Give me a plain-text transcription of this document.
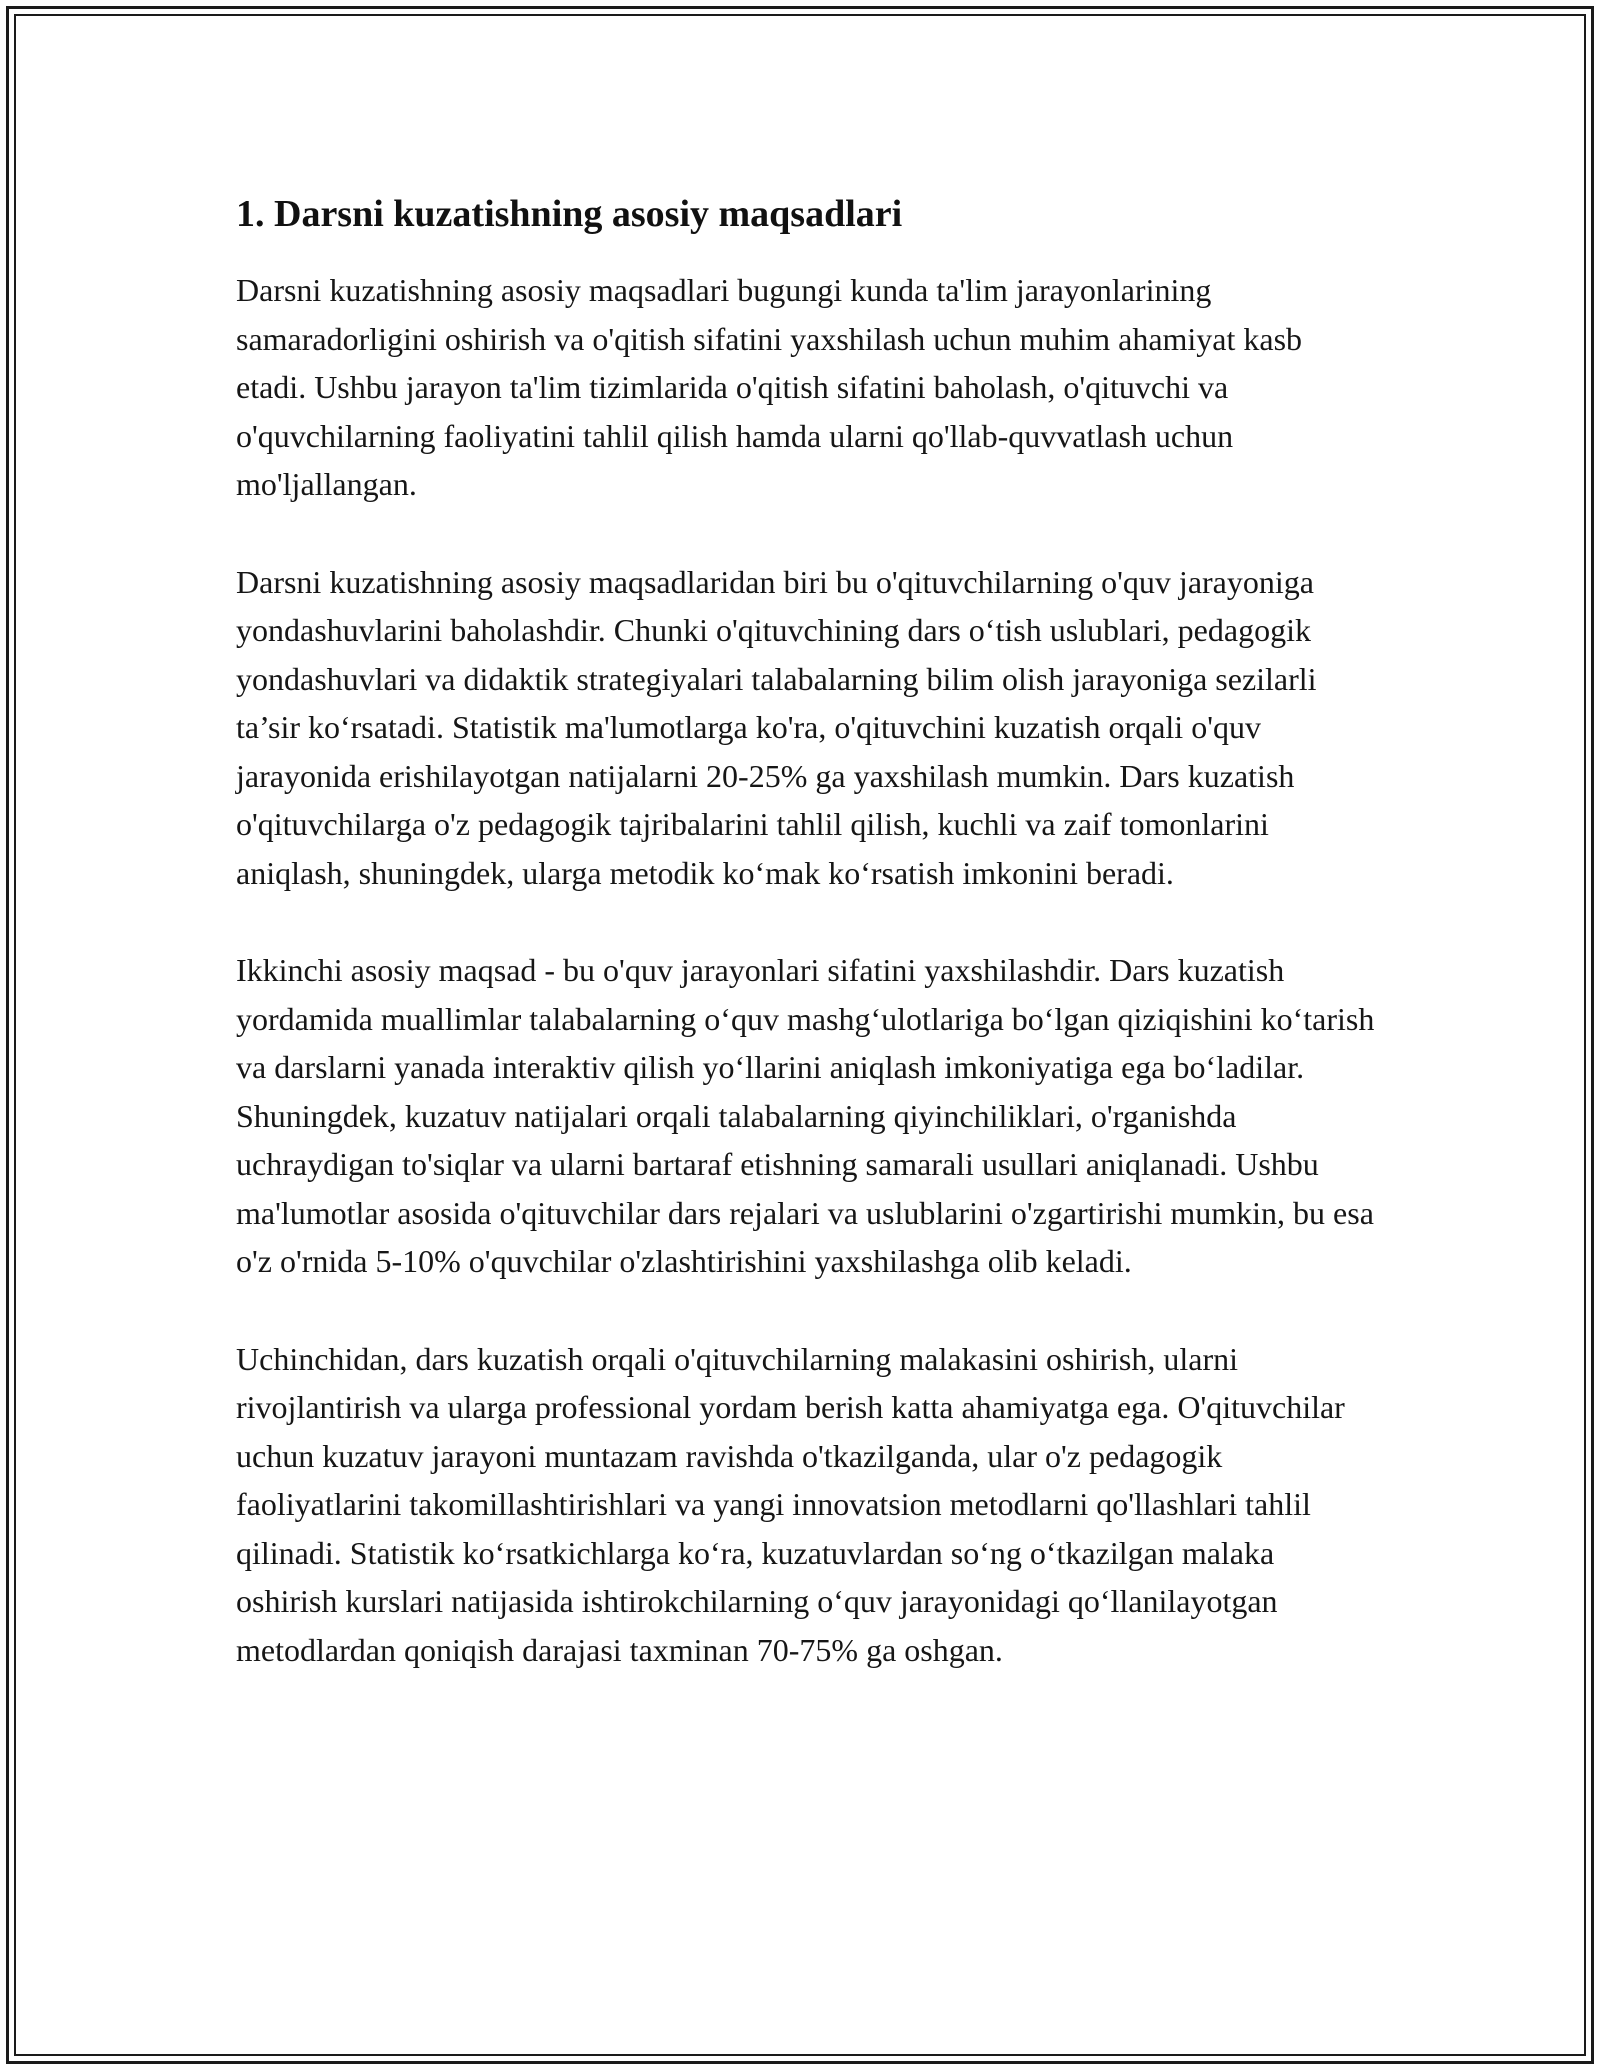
1. Darsni kuzatishning asosiy maqsadlari

Darsni kuzatishning asosiy maqsadlari bugungi kunda ta'lim jarayonlarining samaradorligini oshirish va o'qitish sifatini yaxshilash uchun muhim ahamiyat kasb etadi. Ushbu jarayon ta'lim tizimlarida o'qitish sifatini baholash, o'qituvchi va o'quvchilarning faoliyatini tahlil qilish hamda ularni qo'llab-quvvatlash uchun mo'ljallangan.

Darsni kuzatishning asosiy maqsadlaridan biri bu o'qituvchilarning o'quv jarayoniga yondashuvlarini baholashdir. Chunki o'qituvchining dars o‘tish uslublari, pedagogik yondashuvlari va didaktik strategiyalari talabalarning bilim olish jarayoniga sezilarli ta’sir ko‘rsatadi. Statistik ma'lumotlarga ko'ra, o'qituvchini kuzatish orqali o'quv jarayonida erishilayotgan natijalarni 20-25% ga yaxshilash mumkin. Dars kuzatish o'qituvchilarga o'z pedagogik tajribalarini tahlil qilish, kuchli va zaif tomonlarini aniqlash, shuningdek, ularga metodik ko‘mak ko‘rsatish imkonini beradi.

Ikkinchi asosiy maqsad - bu o'quv jarayonlari sifatini yaxshilashdir. Dars kuzatish yordamida muallimlar talabalarning o‘quv mashg‘ulotlariga bo‘lgan qiziqishini ko‘tarish va darslarni yanada interaktiv qilish yo‘llarini aniqlash imkoniyatiga ega bo‘ladilar. Shuningdek, kuzatuv natijalari orqali talabalarning qiyinchiliklari, o'rganishda uchraydigan to'siqlar va ularni bartaraf etishning samarali usullari aniqlanadi. Ushbu ma'lumotlar asosida o'qituvchilar dars rejalari va uslublarini o'zgartirishi mumkin, bu esa o'z o'rnida 5-10% o'quvchilar o'zlashtirishini yaxshilashga olib keladi.

Uchinchidan, dars kuzatish orqali o'qituvchilarning malakasini oshirish, ularni rivojlantirish va ularga professional yordam berish katta ahamiyatga ega. O'qituvchilar uchun kuzatuv jarayoni muntazam ravishda o'tkazilganda, ular o'z pedagogik faoliyatlarini takomillashtirishlari va yangi innovatsion metodlarni qo'llashlari tahlil qilinadi. Statistik ko‘rsatkichlarga ko‘ra, kuzatuvlardan so‘ng o‘tkazilgan malaka oshirish kurslari natijasida ishtirokchilarning o‘quv jarayonidagi qo‘llanilayotgan metodlardan qoniqish darajasi taxminan 70-75% ga oshgan.
